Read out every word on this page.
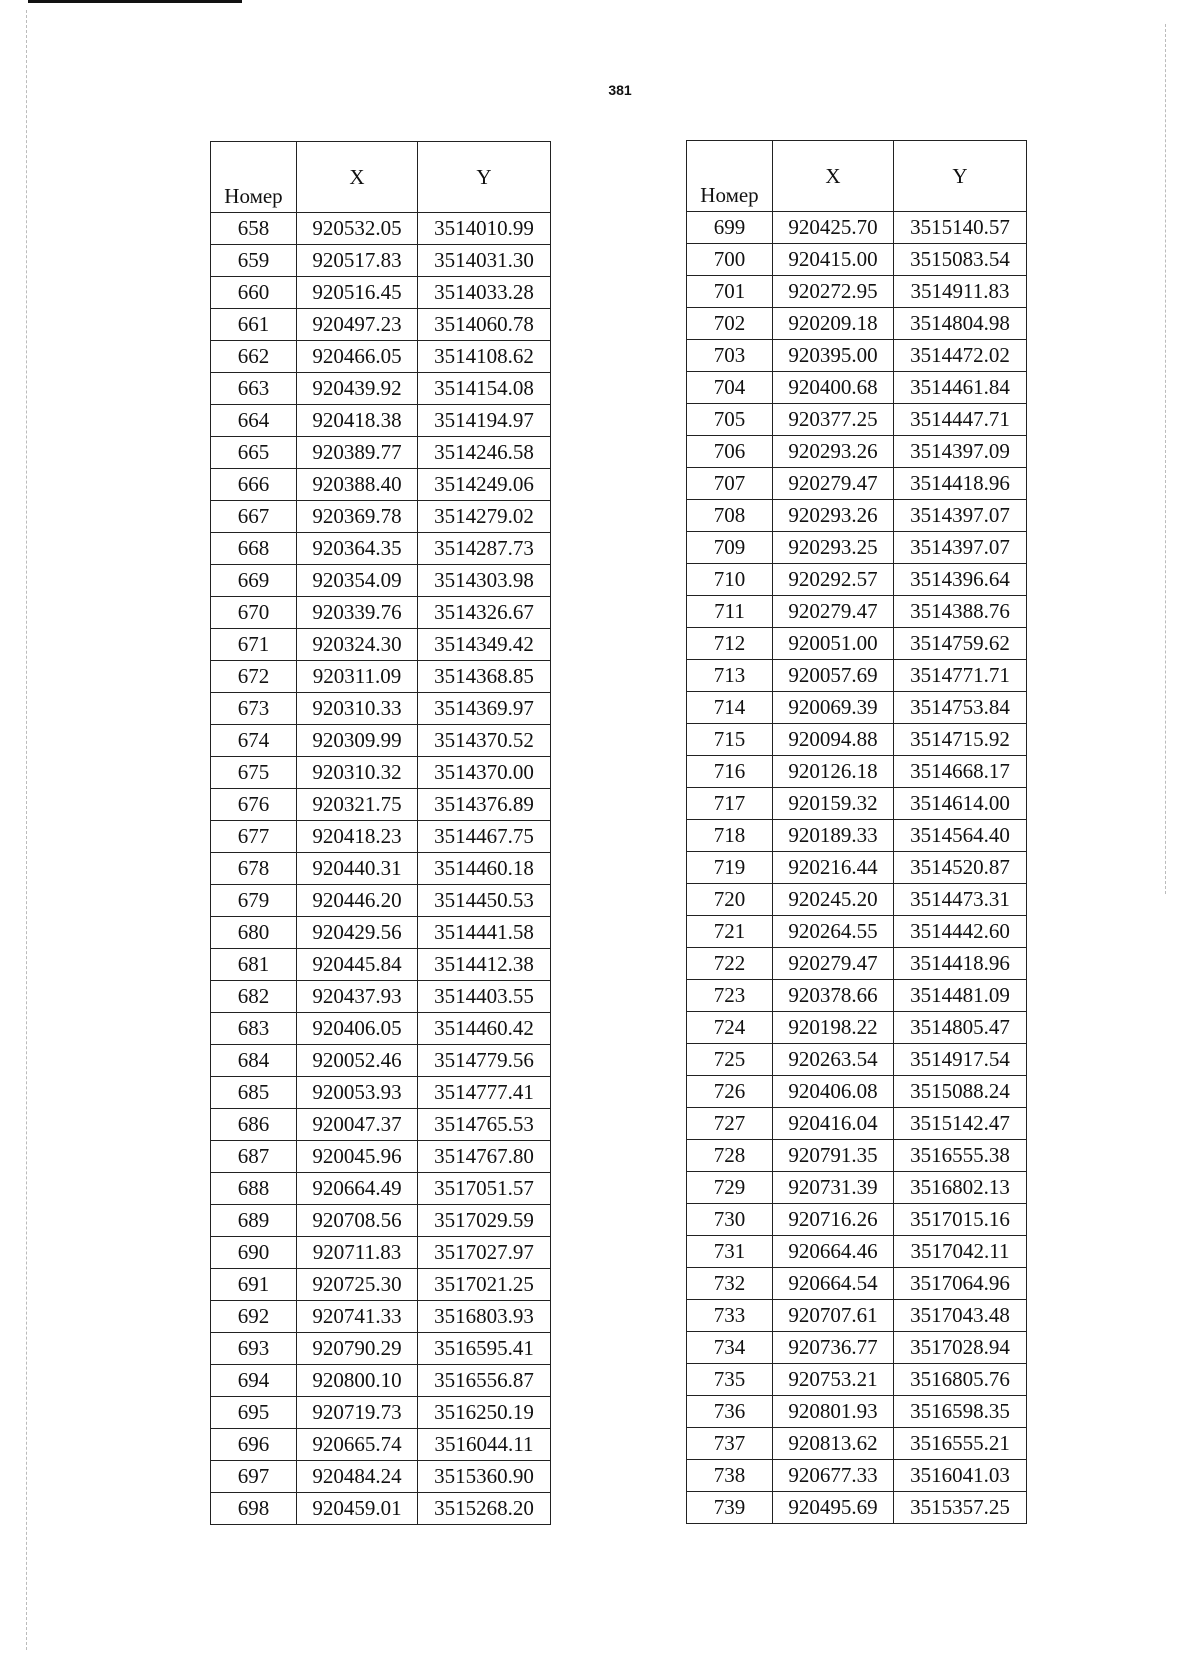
381
Номер	X	Y
658	920532.05	3514010.99
659	920517.83	3514031.30
660	920516.45	3514033.28
661	920497.23	3514060.78
662	920466.05	3514108.62
663	920439.92	3514154.08
664	920418.38	3514194.97
665	920389.77	3514246.58
666	920388.40	3514249.06
667	920369.78	3514279.02
668	920364.35	3514287.73
669	920354.09	3514303.98
670	920339.76	3514326.67
671	920324.30	3514349.42
672	920311.09	3514368.85
673	920310.33	3514369.97
674	920309.99	3514370.52
675	920310.32	3514370.00
676	920321.75	3514376.89
677	920418.23	3514467.75
678	920440.31	3514460.18
679	920446.20	3514450.53
680	920429.56	3514441.58
681	920445.84	3514412.38
682	920437.93	3514403.55
683	920406.05	3514460.42
684	920052.46	3514779.56
685	920053.93	3514777.41
686	920047.37	3514765.53
687	920045.96	3514767.80
688	920664.49	3517051.57
689	920708.56	3517029.59
690	920711.83	3517027.97
691	920725.30	3517021.25
692	920741.33	3516803.93
693	920790.29	3516595.41
694	920800.10	3516556.87
695	920719.73	3516250.19
696	920665.74	3516044.11
697	920484.24	3515360.90
698	920459.01	3515268.20
Номер	X	Y
699	920425.70	3515140.57
700	920415.00	3515083.54
701	920272.95	3514911.83
702	920209.18	3514804.98
703	920395.00	3514472.02
704	920400.68	3514461.84
705	920377.25	3514447.71
706	920293.26	3514397.09
707	920279.47	3514418.96
708	920293.26	3514397.07
709	920293.25	3514397.07
710	920292.57	3514396.64
711	920279.47	3514388.76
712	920051.00	3514759.62
713	920057.69	3514771.71
714	920069.39	3514753.84
715	920094.88	3514715.92
716	920126.18	3514668.17
717	920159.32	3514614.00
718	920189.33	3514564.40
719	920216.44	3514520.87
720	920245.20	3514473.31
721	920264.55	3514442.60
722	920279.47	3514418.96
723	920378.66	3514481.09
724	920198.22	3514805.47
725	920263.54	3514917.54
726	920406.08	3515088.24
727	920416.04	3515142.47
728	920791.35	3516555.38
729	920731.39	3516802.13
730	920716.26	3517015.16
731	920664.46	3517042.11
732	920664.54	3517064.96
733	920707.61	3517043.48
734	920736.77	3517028.94
735	920753.21	3516805.76
736	920801.93	3516598.35
737	920813.62	3516555.21
738	920677.33	3516041.03
739	920495.69	3515357.25
